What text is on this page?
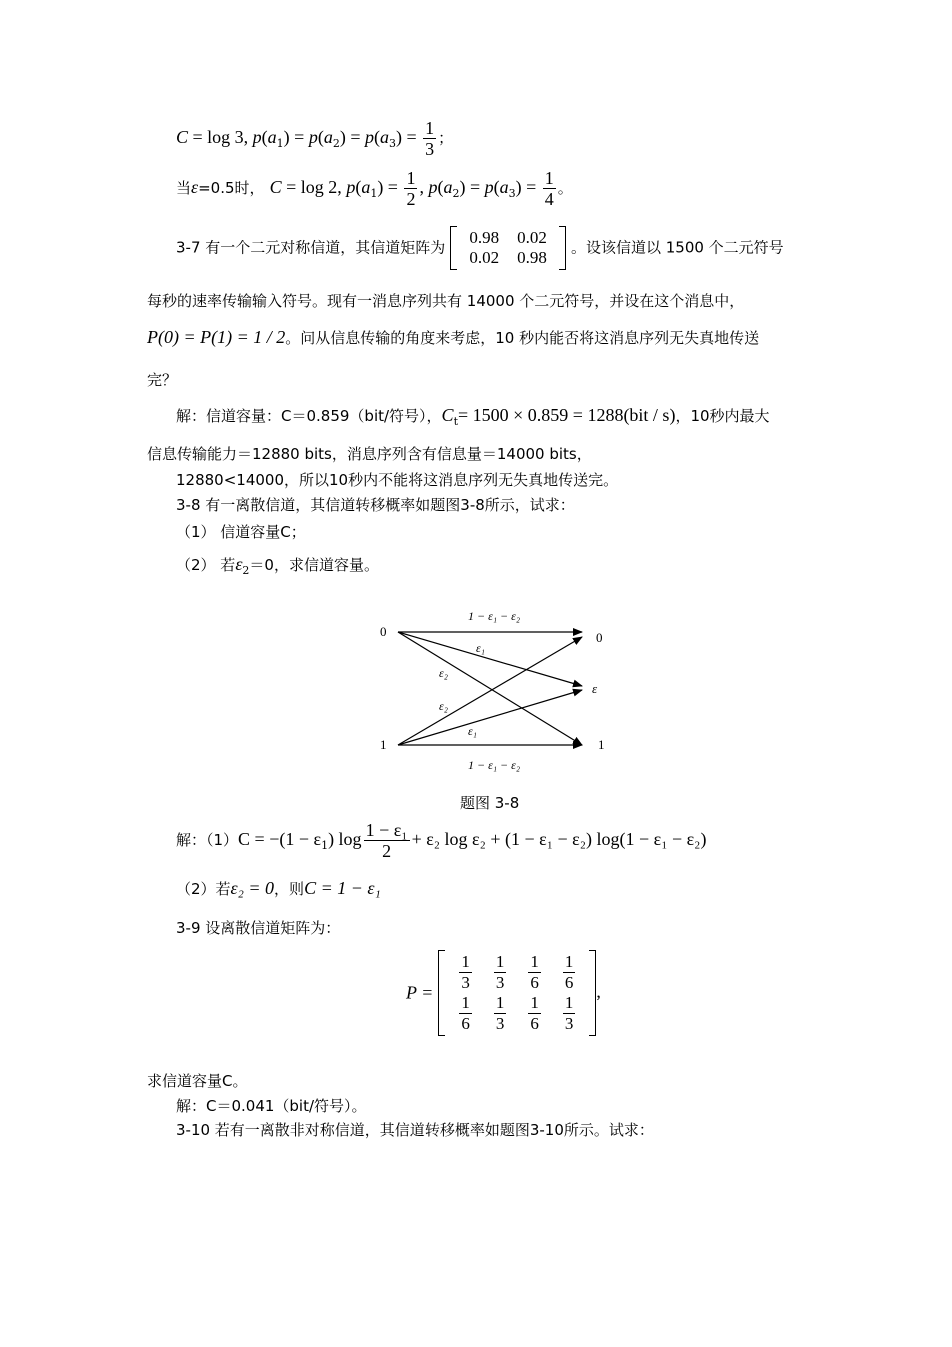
C = log 3, $p(a_1) = p(a_2) = p(a_3) = \frac{1}{3}$ ；
当ε=0.5时， C = log 2, $p(a_1) = \frac{1}{2}$ , $p(a_2) = p(a_3) = \frac{1}{4}$ 。
3-7 有一个二元对称信道，其信道矩阵为
0.98	0.02
0.02	0.98
。设该信道以 1500 个二元符号
每秒的速率传输输入符号。现有一消息序列共有 14000 个二元符号，并设在这个消息中，
P(0) = P(1) = 1 / 2。问从信息传输的角度来考虑，10 秒内能否将这消息序列无失真地传送
完？
解：信道容量：C＝0.859（bit/符号），$C_t= 1500 \times 0.859 = 1288(bit / s)$，10秒内最大
信息传输能力＝12880 bits，消息序列含有信息量＝14000 bits，
12880<14000，所以10秒内不能将这消息序列无失真地传送完。
3-8 有一离散信道，其信道转移概率如题图3-8所示，试求：
（1） 信道容量C；
（2） 若$\varepsilon_2=0$，求信道容量。
0
1
0
ε
1
1 − ε₁ − ε₂
1 − ε₁ − ε₂
ε₁
ε₂
ε₂
ε₁
题图 3-8
解：$(1)C = -(1 - \varepsilon_1)$ $\log \frac{\text{1 − ε₁}}{2} + \varepsilon_2$ log ε₂ + (1 − ε₁ − ε₂) log(1 − ε₁ − ε₂)
（2）若ε₂ = 0，则C = 1 − ε₁
3-9 设离散信道矩阵为：
$P = \frac{1}{3}$	$\frac{1}{3}$	$\frac{1}{6}$	$\frac{1}{6}$

$\frac{1}{6}$	$\frac{1}{3}$	$\frac{1}{6}$	$\frac{1}{3}$
,
求信道容量C。
解：C＝0.041（bit/符号）。
3-10 若有一离散非对称信道，其信道转移概率如题图3-10所示。试求：
